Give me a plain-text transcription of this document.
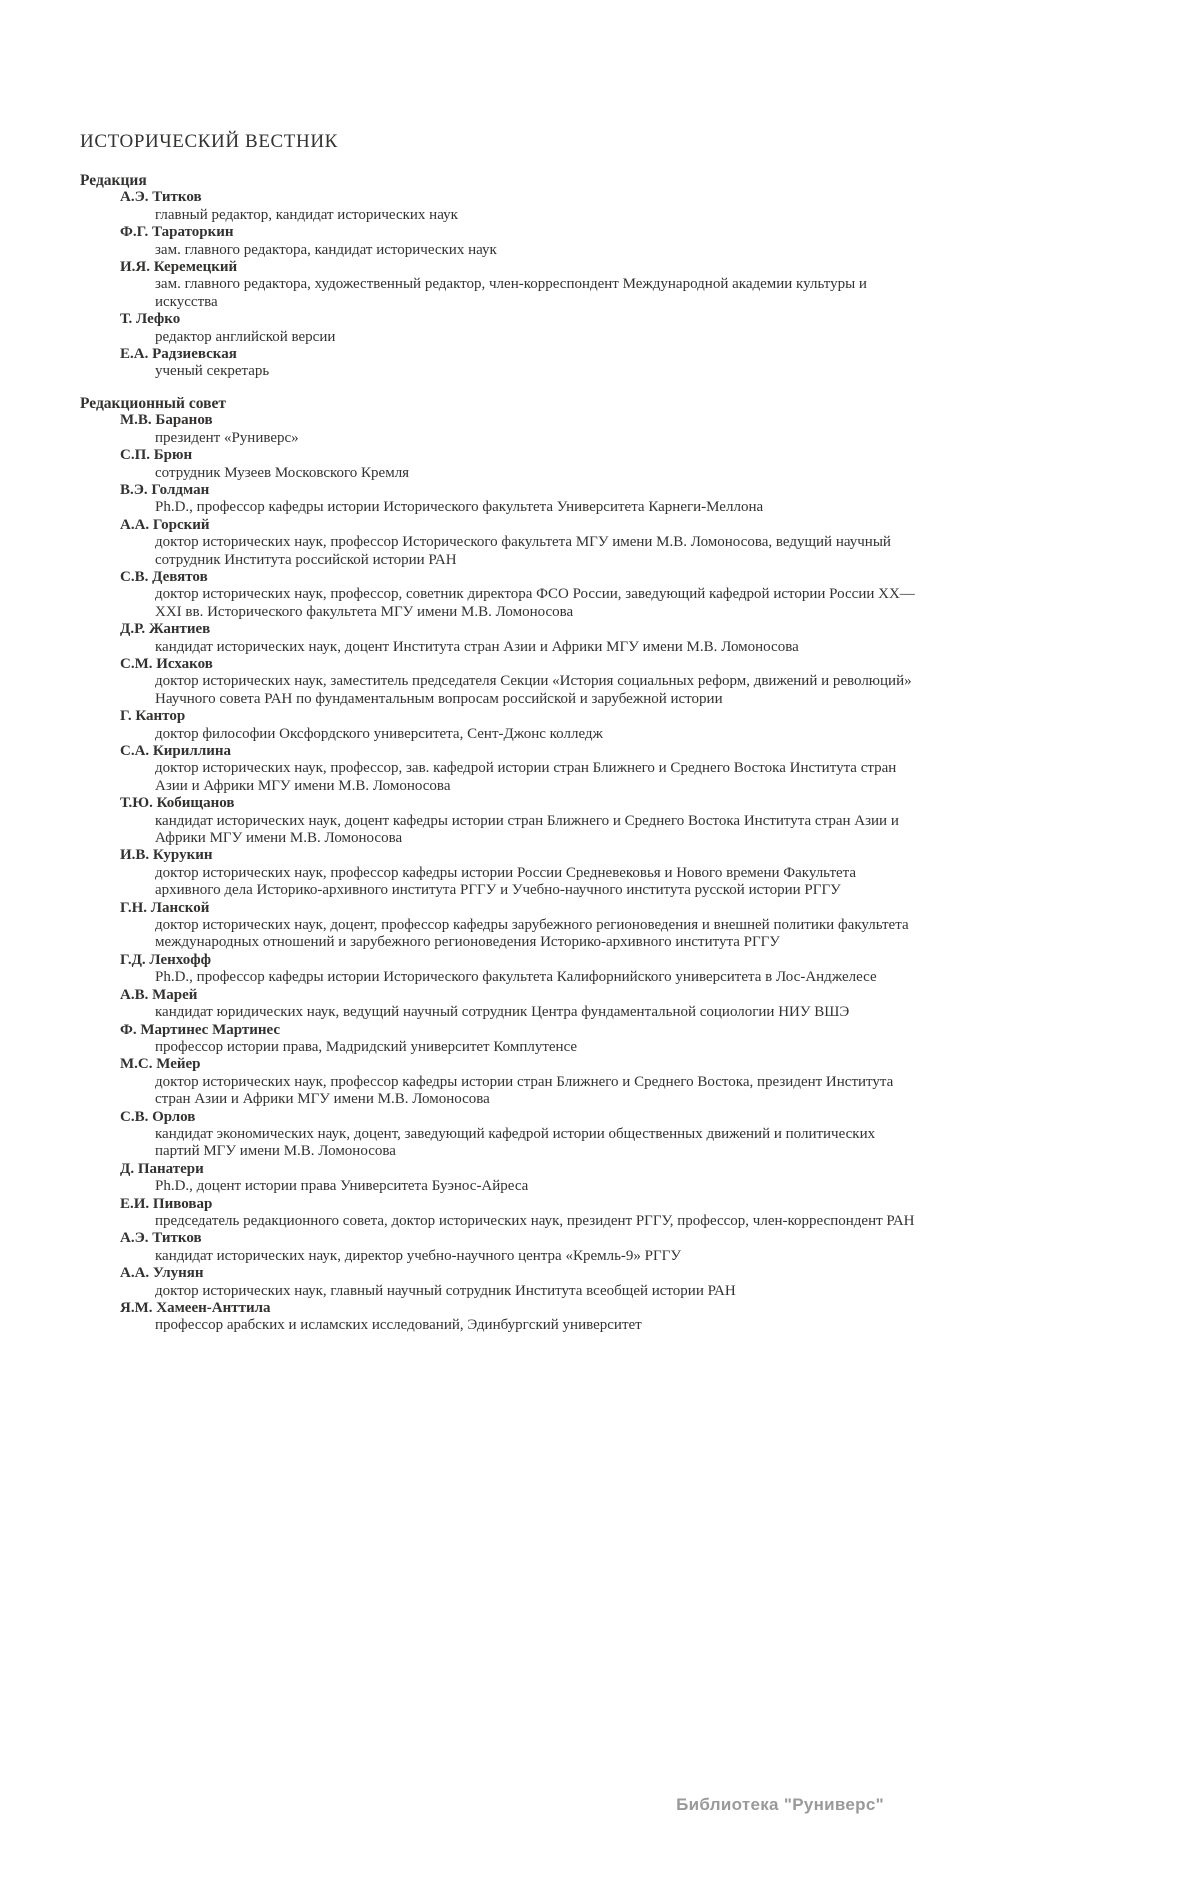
ИСТОРИЧЕСКИЙ ВЕСТНИК
Редакция
А.Э. Титков
главный редактор, кандидат исторических наук
Ф.Г. Тараторкин
зам. главного редактора, кандидат исторических наук
И.Я. Керемецкий
зам. главного редактора, художественный редактор, член-корреспондент Международной академии культуры и искусства
Т. Лефко
редактор английской версии
Е.А. Радзиевская
ученый секретарь
Редакционный совет
М.В. Баранов
президент «Руниверс»
С.П. Брюн
сотрудник Музеев Московского Кремля
В.Э. Голдман
Ph.D., профессор кафедры истории Исторического факультета Университета Карнеги-Меллона
А.А. Горский
доктор исторических наук, профессор Исторического факультета МГУ имени М.В. Ломоносова, ведущий научный сотрудник Института российской истории РАН
С.В. Девятов
доктор исторических наук, профессор, советник директора ФСО России, заведующий кафедрой истории России XX—XXI вв. Исторического факультета МГУ имени М.В. Ломоносова
Д.Р. Жантиев
кандидат исторических наук, доцент Института стран Азии и Африки МГУ имени М.В. Ломоносова
С.М. Исхаков
доктор исторических наук, заместитель председателя Секции «История социальных реформ, движений и революций» Научного совета РАН по фундаментальным вопросам российской и зарубежной истории
Г. Кантор
доктор философии Оксфордского университета, Сент-Джонс колледж
С.А. Кириллина
доктор исторических наук, профессор, зав. кафедрой истории стран Ближнего и Среднего Востока Института стран Азии и Африки МГУ имени М.В. Ломоносова
Т.Ю. Кобищанов
кандидат исторических наук, доцент кафедры истории стран Ближнего и Среднего Востока Института стран Азии и Африки МГУ имени М.В. Ломоносова
И.В. Курукин
доктор исторических наук, профессор кафедры истории России Средневековья и Нового времени Факультета архивного дела Историко-архивного института РГГУ и Учебно-научного института русской истории РГГУ
Г.Н. Ланской
доктор исторических наук, доцент, профессор кафедры зарубежного регионоведения и внешней политики факультета международных отношений и зарубежного регионоведения Историко-архивного института РГГУ
Г.Д. Ленхофф
Ph.D., профессор кафедры истории Исторического факультета Калифорнийского университета в Лос-Анджелесе
А.В. Марей
кандидат юридических наук, ведущий научный сотрудник Центра фундаментальной социологии НИУ ВШЭ
Ф. Мартинес Мартинес
профессор истории права, Мадридский университет Комплутенсе
М.С. Мейер
доктор исторических наук, профессор кафедры истории стран Ближнего и Среднего Востока, президент Института стран Азии и Африки МГУ имени М.В. Ломоносова
С.В. Орлов
кандидат экономических наук, доцент, заведующий кафедрой истории общественных движений и политических партий МГУ имени М.В. Ломоносова
Д. Панатери
Ph.D., доцент истории права Университета Буэнос-Айреса
Е.И. Пивовар
председатель редакционного совета, доктор исторических наук, президент РГГУ, профессор, член-корреспондент РАН
А.Э. Титков
кандидат исторических наук, директор учебно-научного центра «Кремль-9» РГГУ
А.А. Улунян
доктор исторических наук, главный научный сотрудник Института всеобщей истории РАН
Я.М. Хамеен-Анттила
профессор арабских и исламских исследований, Эдинбургский университет
Библиотека "Руниверс"
